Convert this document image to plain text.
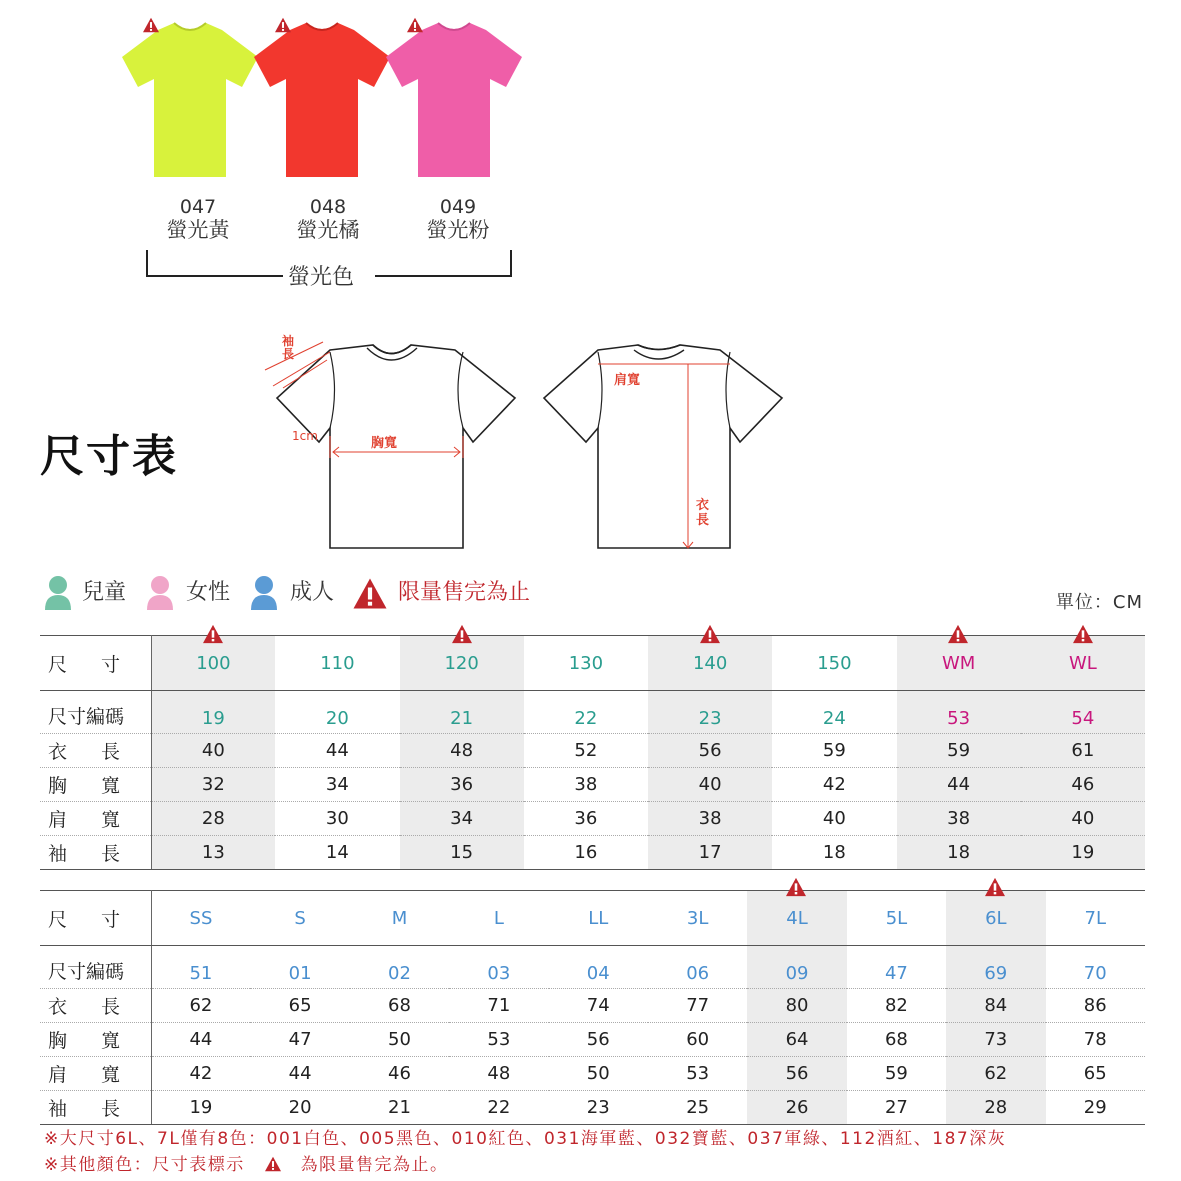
047
螢光黃
048
螢光橘
049
螢光粉
螢光色
尺寸表
袖長
1cm	胸寬
肩寬
衣長
兒童	女性	成人	限量售完為止	單位：CM
尺 寸	100	110	120	130	140	150	WM	WL
尺寸編碼	19	20	21	22	23	24	53	54
衣 長	40	44	48	52	56	59	59	61
胸 寬	32	34	36	38	40	42	44	46
肩 寬	28	30	34	36	38	40	38	40
袖 長	13	14	15	16	17	18	18	19
尺 寸	SS	S	M	L	LL	3L	4L	5L	6L	7L
尺寸編碼	51	01	02	03	04	06	09	47	69	70
衣 長	62	65	68	71	74	77	80	82	84	86
胸 寬	44	47	50	53	56	60	64	68	73	78
肩 寬	42	44	46	48	50	53	56	59	62	65
袖 長	19	20	21	22	23	25	26	27	28	29
※大尺寸6L、7L僅有8色：001白色、005黑色、010紅色、031海軍藍、032寶藍、037軍綠、112酒紅、187深灰
※其他顏色：尺寸表標示	為限量售完為止。
